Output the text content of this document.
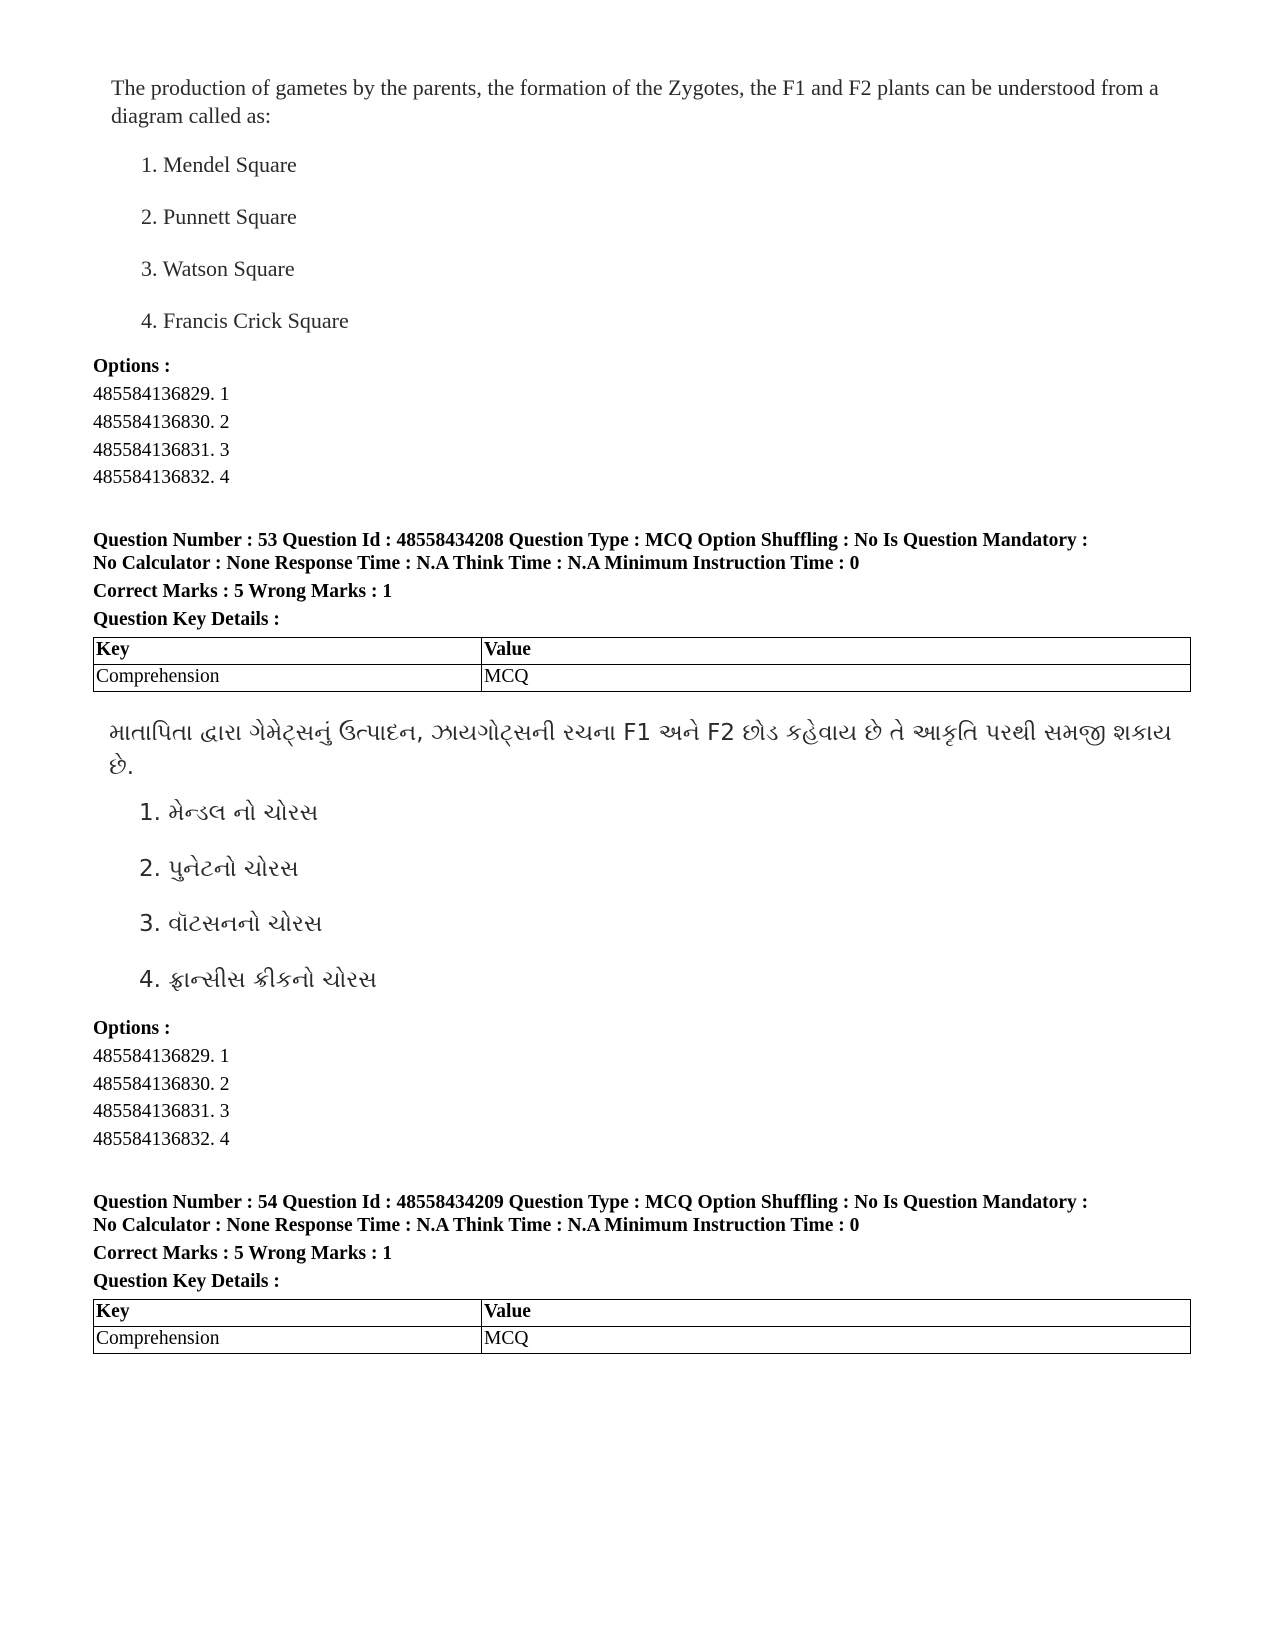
The production of gametes by the parents, the formation of the Zygotes, the F1 and F2 plants can be understood from a diagram called as:
1. Mendel Square
2. Punnett Square
3. Watson Square
4. Francis Crick Square
Options :
485584136829. 1
485584136830. 2
485584136831. 3
485584136832. 4
Question Number : 53 Question Id : 48558434208 Question Type : MCQ Option Shuffling : No Is Question Mandatory :
No Calculator : None Response Time : N.A Think Time : N.A Minimum Instruction Time : 0
Correct Marks : 5 Wrong Marks : 1
Question Key Details :
Key	Value
Comprehension	MCQ
માતાપિતા દ્વારા ગેમેટ્સનું ઉત્પાદન, ઝાયગોટ્સની રચના F1 અને F2 છોડ કહેવાય છે તે આકૃતિ પરથી સમજી શકાય છે.
1. મેન્ડલ નો ચોરસ
2. પુનેટનો ચોરસ
3. વૉટસનનો ચોરસ
4. ફ્રાન્સીસ ક્રીકનો ચોરસ
Options :
485584136829. 1
485584136830. 2
485584136831. 3
485584136832. 4
Question Number : 54 Question Id : 48558434209 Question Type : MCQ Option Shuffling : No Is Question Mandatory :
No Calculator : None Response Time : N.A Think Time : N.A Minimum Instruction Time : 0
Correct Marks : 5 Wrong Marks : 1
Question Key Details :
Key	Value
Comprehension	MCQ
